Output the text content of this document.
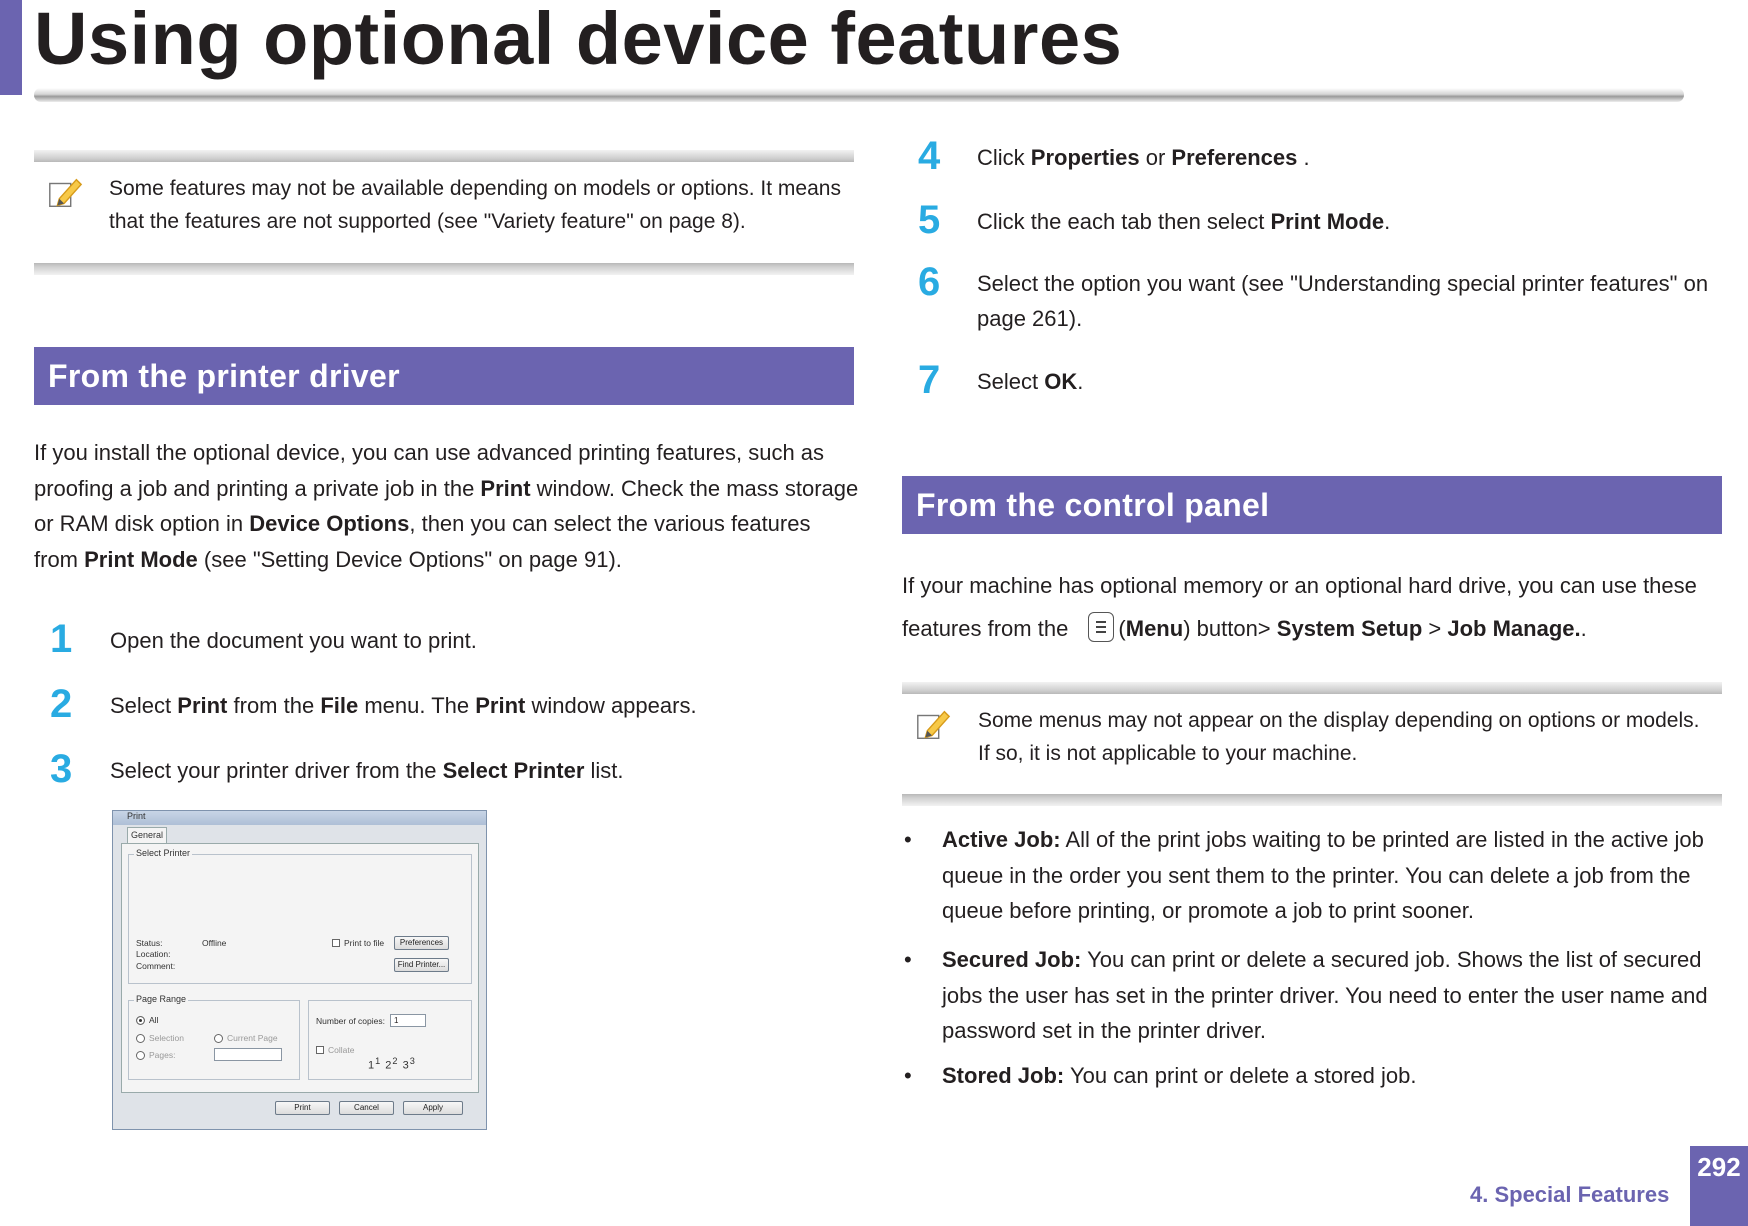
Using optional device features
Some features may not be available depending on models or options. It means that the features are not supported (see "Variety feature" on page 8).
From the printer driver
If you install the optional device, you can use advanced printing features, such as proofing a job and printing a private job in the Print window. Check the mass storage or RAM disk option in Device Options, then you can select the various features from Print Mode (see "Setting Device Options" on page 91).
1	Open the document you want to print.
2	Select Print from the File menu. The Print window appears.
3	Select your printer driver from the Select Printer list.
Print
General
Select Printer
Status:	Offline
Location:
Comment:
Print to file	Preferences
Find Printer...
Page Range
All
Selection	Current Page
Pages:
Number of copies:	1
Collate
$1^1$ $2^2$ $3^3$
Print	Cancel	Apply
4	Click Properties or Preferences .
5	Click the each tab then select Print Mode.
6	Select the option you want (see "Understanding special printer features" on page 261).
7	Select OK.
From the control panel
If your machine has optional memory or an optional hard drive, you can use these features from the
(Menu) button> System Setup > Job Manage..
Some menus may not appear on the display depending on options or models. If so, it is not applicable to your machine.
• Active Job: All of the print jobs waiting to be printed are listed in the active job queue in the order you sent them to the printer. You can delete a job from the queue before printing, or promote a job to print sooner.
• Secured Job: You can print or delete a secured job. Shows the list of secured jobs the user has set in the printer driver. You need to enter the user name and password set in the printer driver.
• Stored Job: You can print or delete a stored job.
4. Special Features
292
